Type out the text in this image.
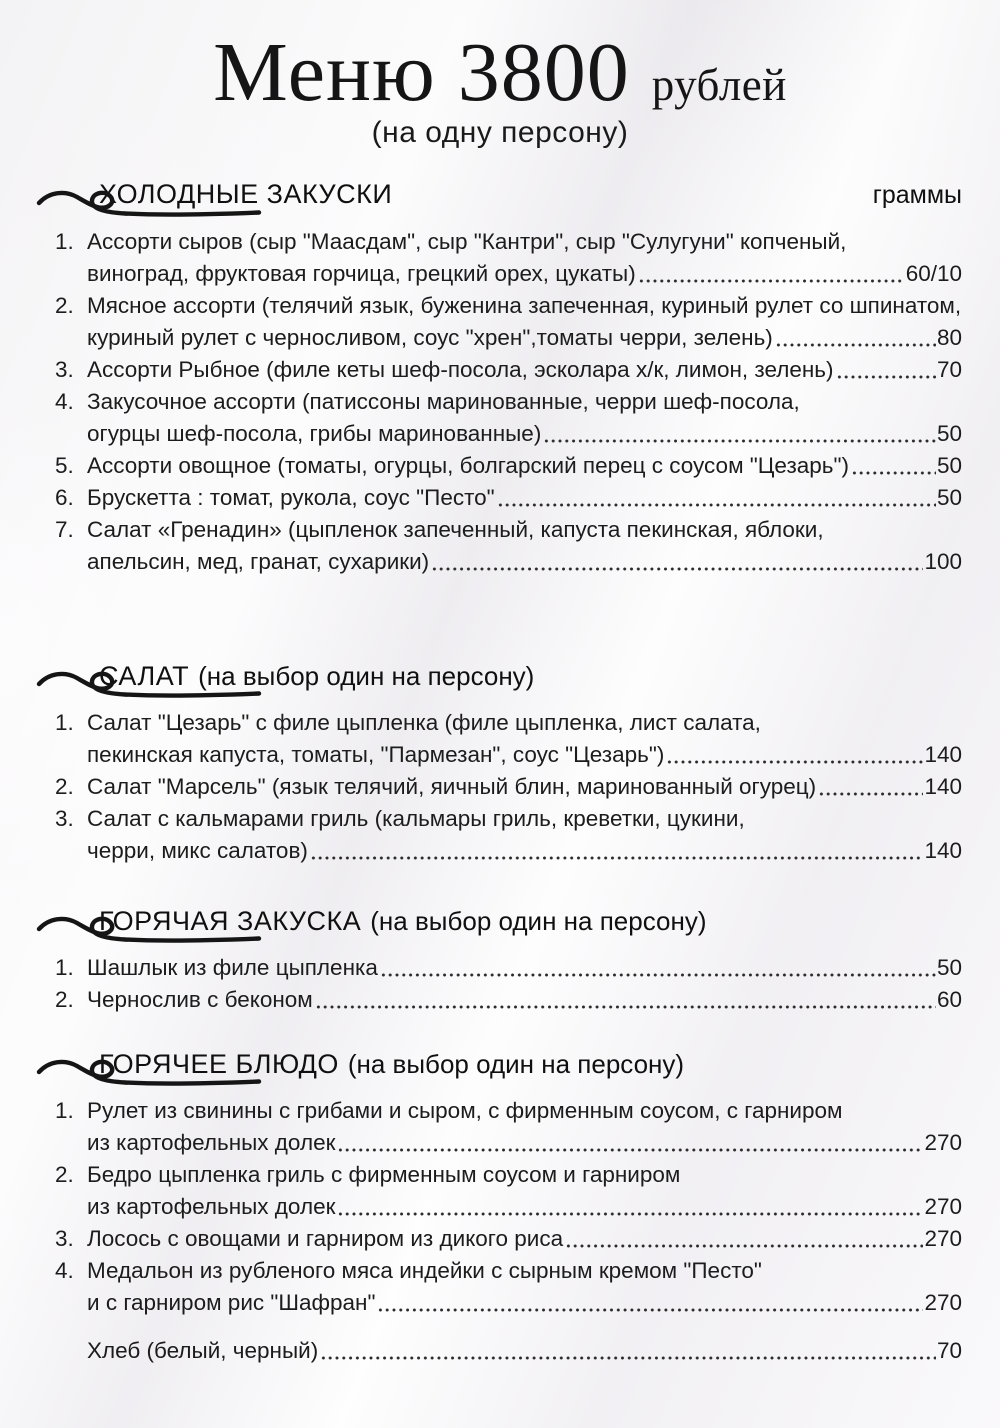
Меню 3800 рублей
(на одну персону)
ХОЛОДНЫЕ ЗАКУСКИ	граммы
1. Ассорти сыров (сыр "Маасдам", сыр "Кантри", сыр "Сулугуни" копченый,
виноград, фруктовая горчица, грецкий орех, цукаты)	60/10
2. Мясное ассорти (телячий язык, буженина запеченная, куриный рулет со шпинатом,
куриный рулет с черносливом, соус "хрен",томаты черри, зелень)	80
3. Ассорти Рыбное (филе кеты шеф-посола, эсколара х/к, лимон, зелень)	70
4. Закусочное ассорти (патиссоны маринованные, черри шеф-посола,
огурцы шеф-посола, грибы маринованные)	50
5. Ассорти овощное (томаты, огурцы, болгарский перец с соусом "Цезарь")	50
6. Брускетта : томат, рукола, соус "Песто"	50
7. Салат «Гренадин» (цыпленок запеченный, капуста пекинская, яблоки,
апельсин, мед, гранат, сухарики)	100
САЛАТ (на выбор один на персону)
1. Салат "Цезарь" с филе цыпленка (филе цыпленка, лист салата,
пекинская капуста, томаты, "Пармезан", соус "Цезарь")	140
2. Салат "Марсель" (язык телячий, яичный блин, маринованный огурец)	140
3. Салат с кальмарами гриль (кальмары гриль, креветки, цукини,
черри, микс салатов)	140
ГОРЯЧАЯ ЗАКУСКА (на выбор один на персону)
1. Шашлык из филе цыпленка	50
2. Чернослив с беконом	60
ГОРЯЧЕЕ БЛЮДО (на выбор один на персону)
1. Рулет из свинины с грибами и сыром, с фирменным соусом, с гарниром
из картофельных долек	270
2. Бедро цыпленка гриль с фирменным соусом и гарниром
из картофельных долек	270
3. Лосось с овощами и гарниром из дикого риса	270
4. Медальон из рубленого мяса индейки с сырным кремом "Песто"
и с гарниром рис "Шафран"	270
Хлеб (белый, черный)	70
